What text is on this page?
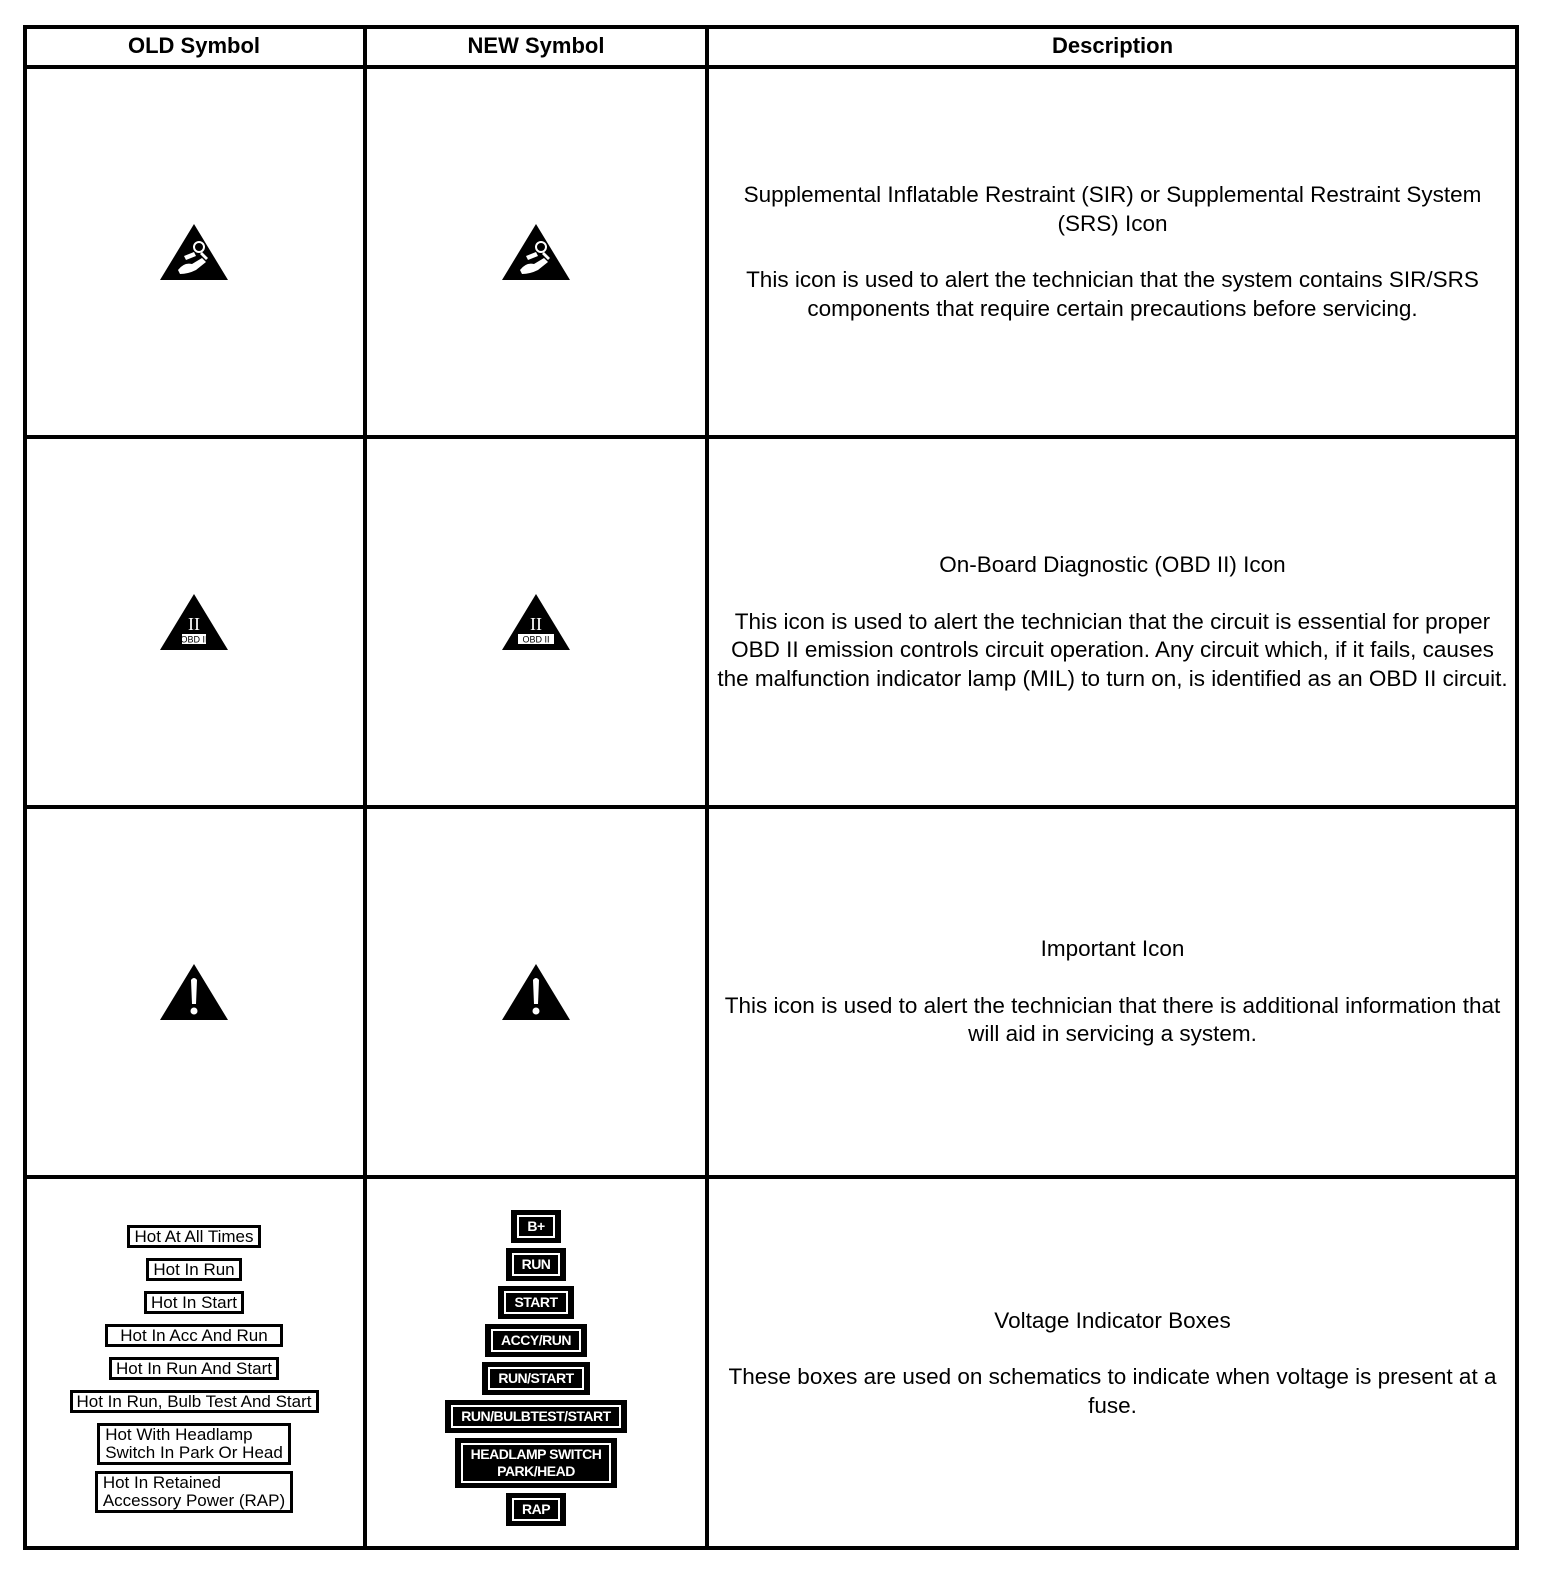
OLD Symbol	NEW Symbol	Description
Supplemental Inflatable Restraint (SIR) or Supplemental Restraint System (SRS) Icon
This icon is used to alert the technician that the system contains SIR/SRS components that require certain precautions before servicing.
II
OBD II
II
OBD II
On-Board Diagnostic (OBD II) Icon
This icon is used to alert the technician that the circuit is essential for proper OBD II emission controls circuit operation. Any circuit which, if it fails, causes the malfunction indicator lamp (MIL) to turn on, is identified as an OBD II circuit.
Important Icon
This icon is used to alert the technician that there is additional information that will aid in servicing a system.
Hot At All Times
Hot In Run
Hot In Start
Hot In Acc And Run
Hot In Run And Start
Hot In Run, Bulb Test And Start
Hot With Headlamp
Switch In Park Or Head
Hot In Retained
Accessory Power (RAP)
B+
RUN
START
ACCY/RUN
RUN/START
RUN/BULBTEST/START
HEADLAMP SWITCH
PARK/HEAD
RAP
Voltage Indicator Boxes
These boxes are used on schematics to indicate when voltage is present at a fuse.
